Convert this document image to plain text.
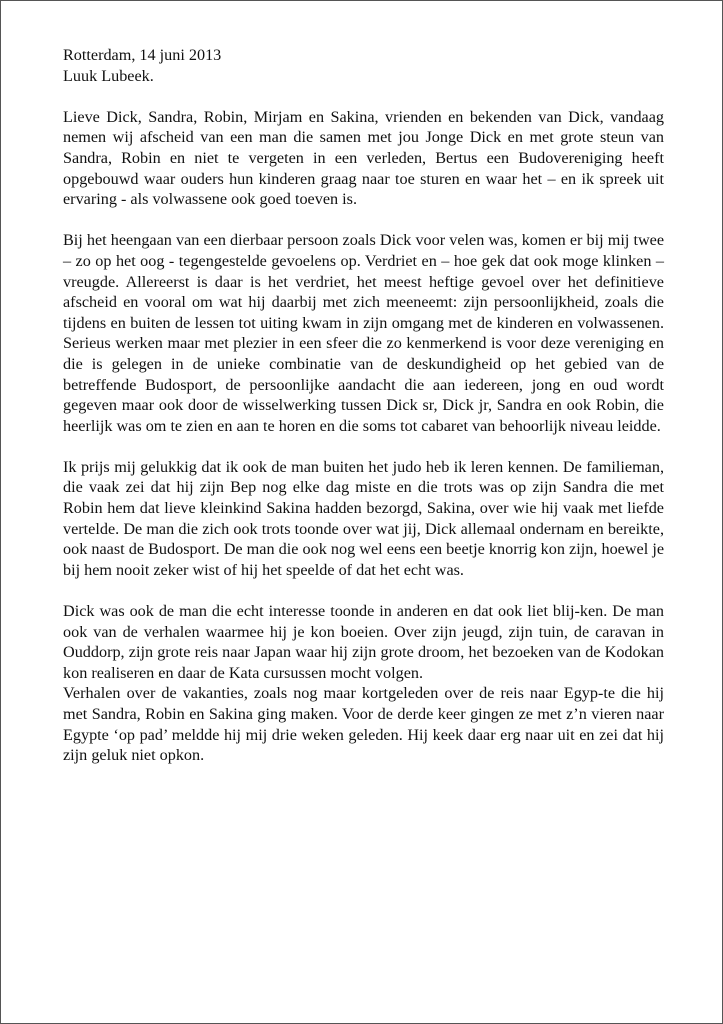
Rotterdam, 14 juni 2013

Luuk Lubeek.

Lieve Dick, Sandra, Robin, Mirjam en Sakina, vrienden en bekenden van Dick, vandaag nemen wij afscheid van een man die samen met jou Jonge Dick en met grote steun van Sandra, Robin en niet te vergeten in een verleden, Bertus een Budovereniging heeft opgebouwd waar ouders hun kinderen graag naar toe sturen en waar het – en ik spreek uit ervaring - als volwassene ook goed toeven is.

Bij het heengaan van een dierbaar persoon zoals Dick voor velen was, komen er bij mij twee – zo op het oog - tegengestelde gevoelens op. Verdriet en – hoe gek dat ook moge klinken – vreugde. Allereerst is daar is het verdriet, het meest heftige gevoel over het definitieve afscheid en vooral om wat hij daarbij met zich meeneemt: zijn persoonlijkheid, zoals die tijdens en buiten de lessen tot uiting kwam in zijn omgang met de kinderen en volwassenen. Serieus werken maar met plezier in een sfeer die zo kenmerkend is voor deze vereniging en die is gelegen in de unieke combinatie van de deskundigheid op het gebied van de betreffende Budosport, de persoonlijke aandacht die aan iedereen, jong en oud wordt gegeven maar ook door de wisselwerking tussen Dick sr, Dick jr, Sandra en ook Robin, die heerlijk was om te zien en aan te horen en die soms tot cabaret van behoorlijk niveau leidde.

Ik prijs mij gelukkig dat ik ook de man buiten het judo heb ik leren kennen. De familieman, die vaak zei dat hij zijn Bep nog elke dag miste en die trots was op zijn Sandra die met Robin hem dat lieve kleinkind Sakina hadden bezorgd, Sakina, over wie hij vaak met liefde vertelde. De man die zich ook trots toonde over wat jij, Dick allemaal ondernam en bereikte, ook naast de Budosport. De man die ook nog wel eens een beetje knorrig kon zijn, hoewel je bij hem nooit zeker wist of hij het speelde of dat het echt was.

Dick was ook de man die echt interesse toonde in anderen en dat ook liet blij-ken. De man ook van de verhalen waarmee hij je kon boeien. Over zijn jeugd, zijn tuin, de caravan in Ouddorp, zijn grote reis naar Japan waar hij zijn grote droom, het bezoeken van de Kodokan kon realiseren en daar de Kata cursussen mocht volgen.

Verhalen over de vakanties, zoals nog maar kortgeleden over de reis naar Egyp-te die hij met Sandra, Robin en Sakina ging maken. Voor de derde keer gingen ze met z’n vieren naar Egypte ‘op pad’ meldde hij mij drie weken geleden. Hij keek daar erg naar uit en zei dat hij zijn geluk niet opkon.
